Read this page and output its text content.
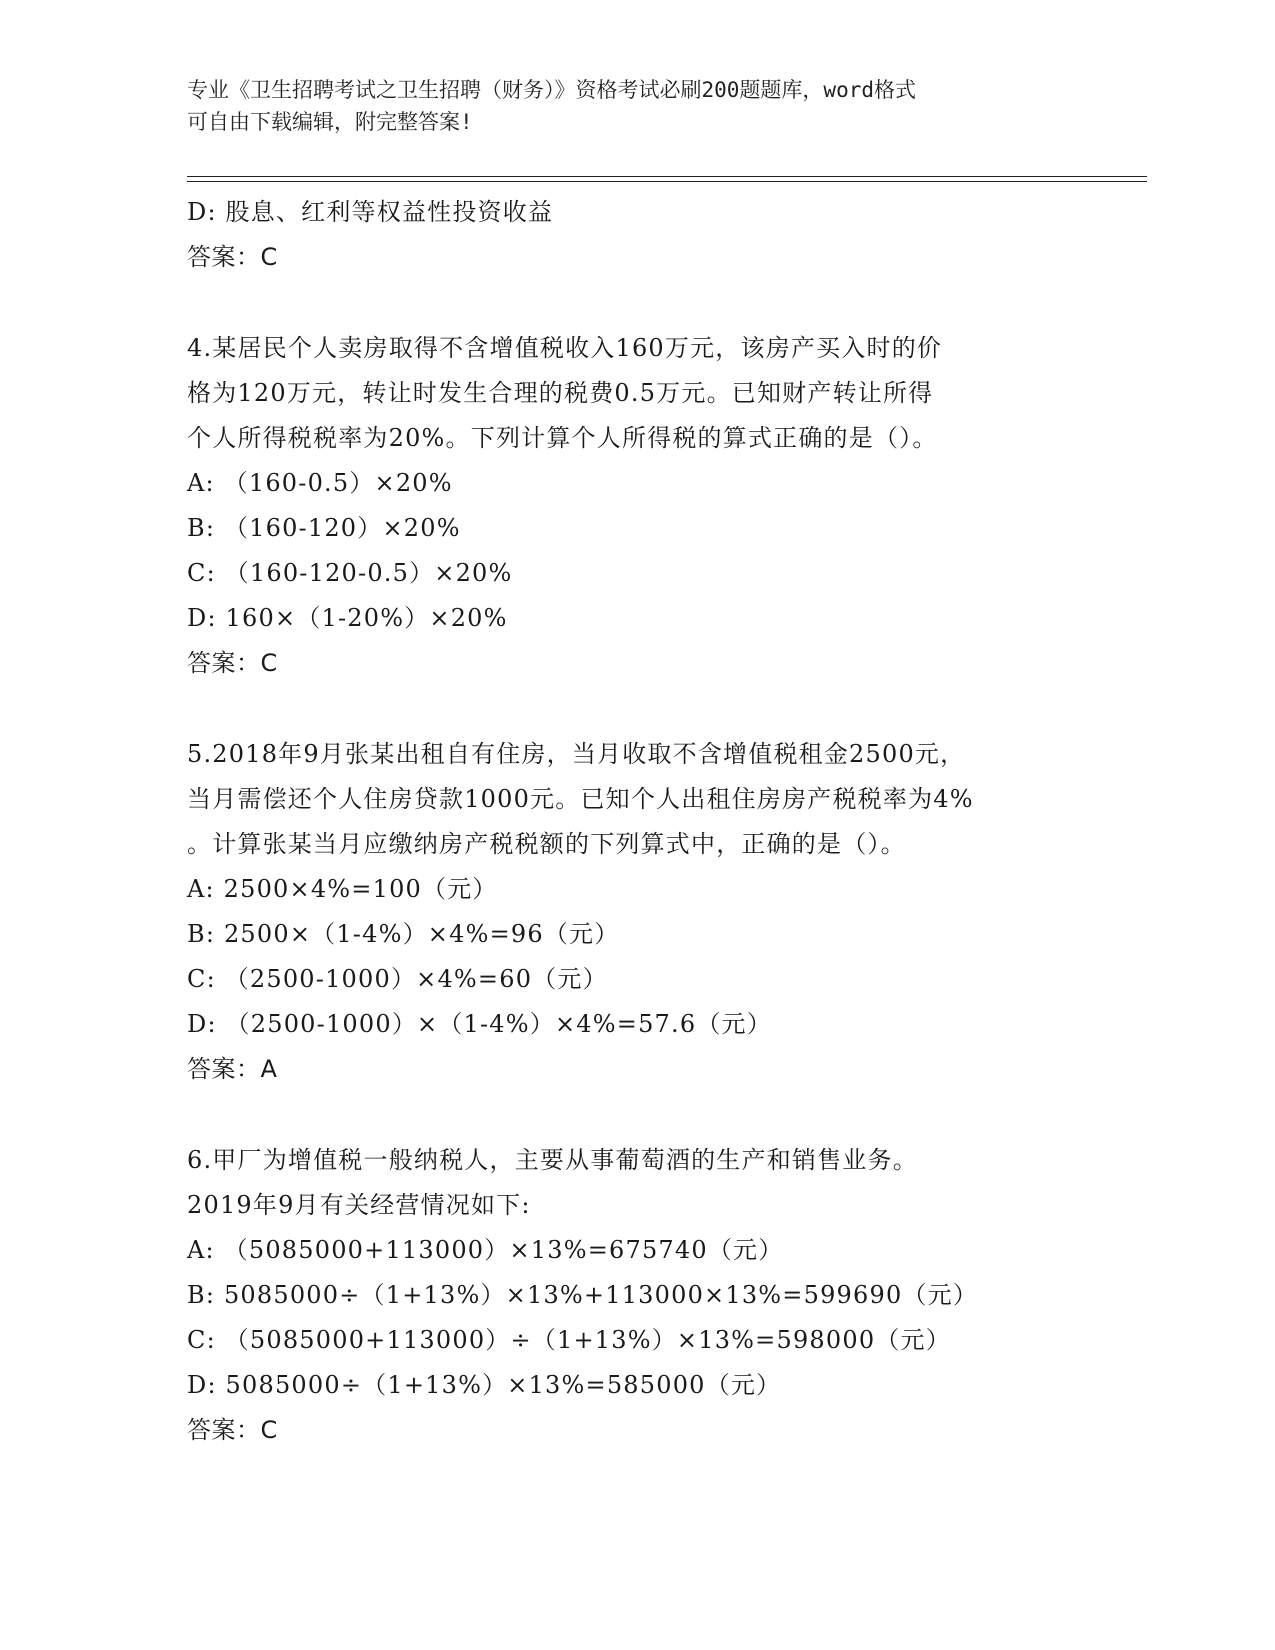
专业《卫生招聘考试之卫生招聘（财务）》资格考试必刷200题题库，word格式
可自由下载编辑，附完整答案!
D: 股息、红利等权益性投资收益
答案：C
4.某居民个人卖房取得不含增值税收入160万元，该房产买入时的价
格为120万元，转让时发生合理的税费0.5万元。已知财产转让所得
个人所得税税率为20%。下列计算个人所得税的算式正确的是（）。
A: （160-0.5）×20%
B: （160-120）×20%
C: （160-120-0.5）×20%
D: 160×（1-20%）×20%
答案：C
5.2018年9月张某出租自有住房，当月收取不含增值税租金2500元，
当月需偿还个人住房贷款1000元。已知个人出租住房房产税税率为4%
。计算张某当月应缴纳房产税税额的下列算式中，正确的是（）。
A: 2500×4%=100（元）
B: 2500×（1-4%）×4%=96（元）
C: （2500-1000）×4%=60（元）
D: （2500-1000）×（1-4%）×4%=57.6（元）
答案：A
6.甲厂为增值税一般纳税人，主要从事葡萄酒的生产和销售业务。
2019年9月有关经营情况如下:
A: （5085000+113000）×13%=675740（元）
B: 5085000÷（1+13%）×13%+113000×13%=599690（元）
C: （5085000+113000）÷（1+13%）×13%=598000（元）
D: 5085000÷（1+13%）×13%=585000（元）
答案：C
